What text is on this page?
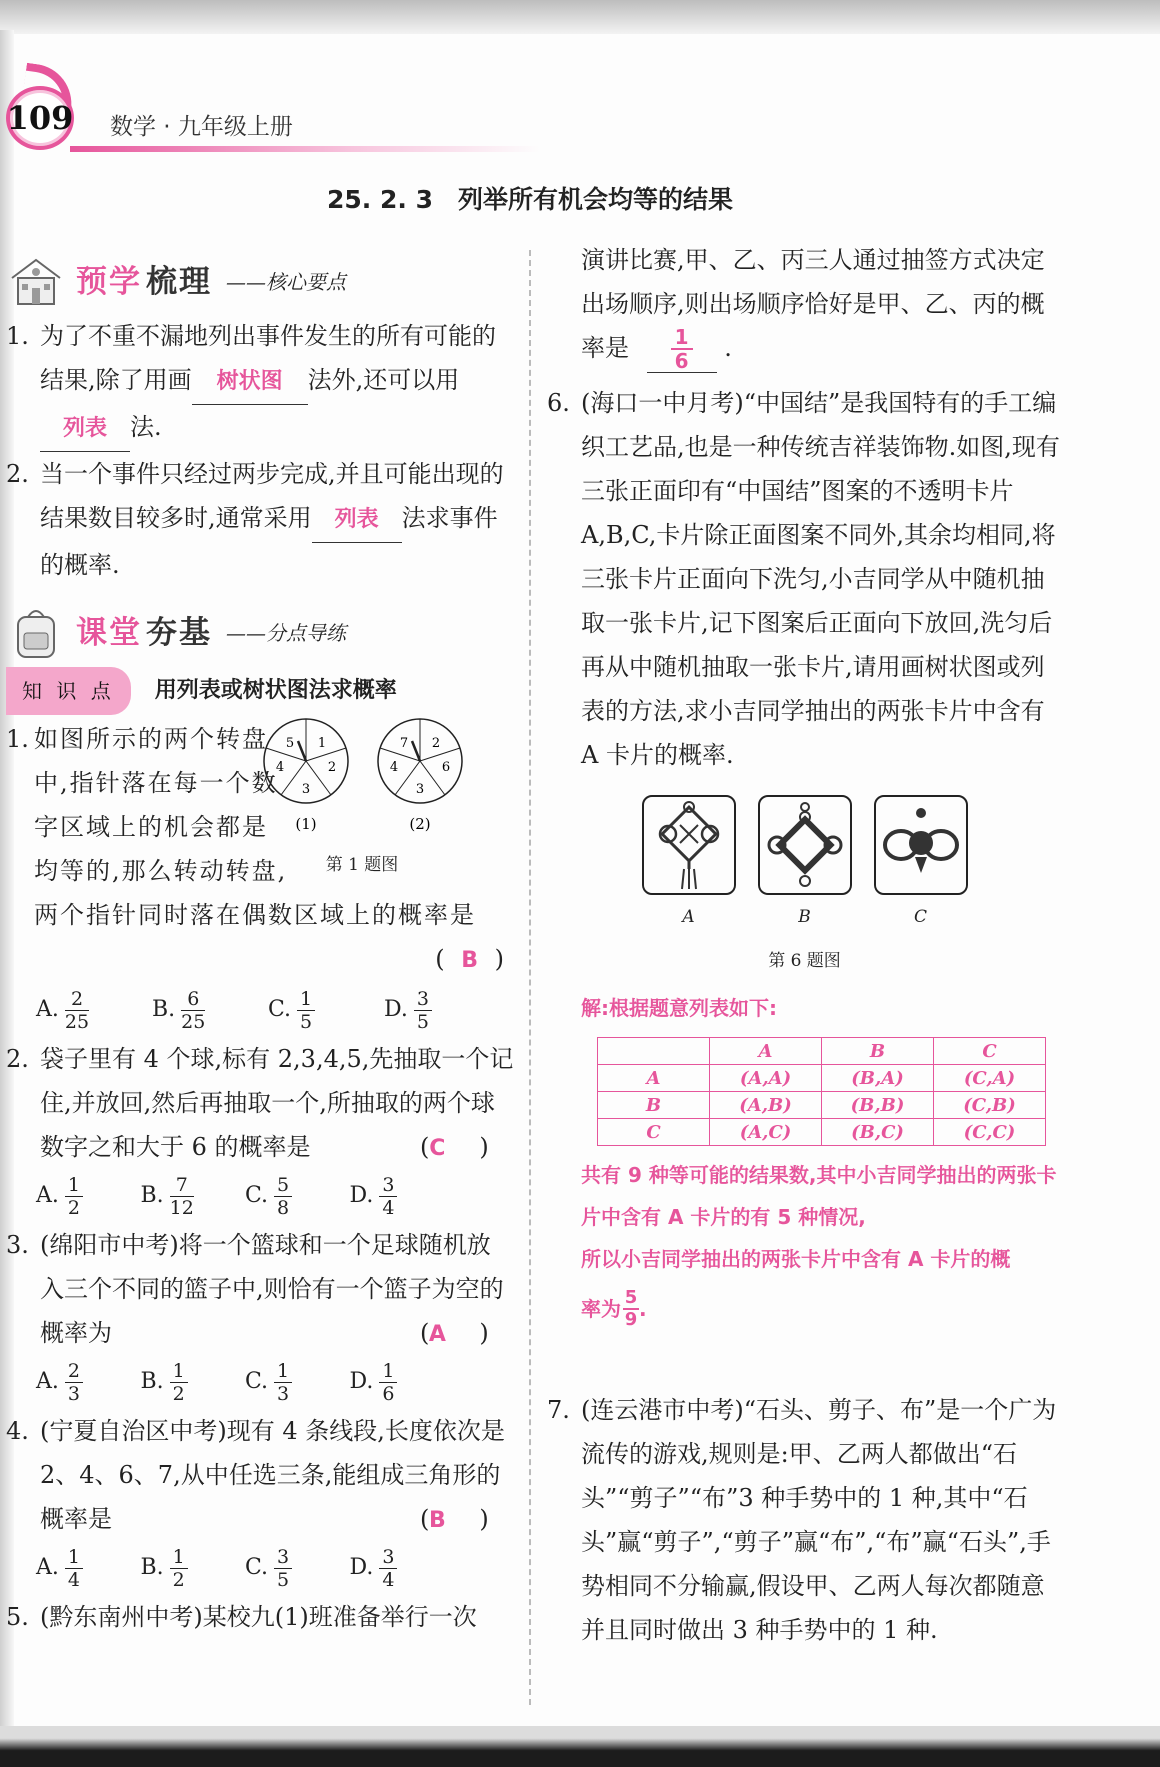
109 数学 · 九年级上册
25. 2. 3　列举所有机会均等的结果
预学 梳理 ——核心要点
1. 为了不重不漏地列出事件发生的所有可能的结果,除了用画 树状图 法外,还可以用列表 法.
2. 当一个事件只经过两步完成,并且可能出现的结果数目较多时,通常采用 列表 法求事件的概率.
课堂 夯基 ——分点导练
知 识 点	用列表或树状图法求概率
1
2
3
4
5	2
6
3
4
7
(1)	(2)
第 1 题图
1. 如图所示的两个转盘中,指针落在每一个数字区域上的机会都是均等的,那么转动转盘,两个指针同时落在偶数区域上的概率是
( B )
A. $\frac{2}{25}$	B. $\frac{6}{25}$	C. $\frac{1}{5}$	D. $\frac{3}{5}$
2. 袋子里有 4 个球,标有 2,3,4,5,先抽取一个记住,并放回,然后再抽取一个,所抽取的两个球数字之和大于 6 的概率是	(C )
A. $\frac{1}{2}$	B. $\frac{7}{12} C$. $\frac{5}{8}$	D. $\frac{3}{4}$
3. (绵阳市中考)将一个篮球和一个足球随机放入三个不同的篮子中,则恰有一个篮子为空的概率为	(A )
A. $\frac{2}{3}$	B. $\frac{1}{2}$	C. $\frac{1}{3}$	D. $\frac{1}{6}$
4. (宁夏自治区中考)现有 4 条线段,长度依次是 2、4、6、7,从中任选三条,能组成三角形的概率是	(B )
A. $\frac{1}{4}$	B. $\frac{1}{2}$	C. $\frac{3}{5}$	D. $\frac{3}{4}$
5. (黔东南州中考)某校九(1)班准备举行一次
演讲比赛,甲、乙、丙三人通过抽签方式决定出场顺序,则出场顺序恰好是甲、乙、丙的概率是 $\frac{1}{6}$ .
6. (海口一中月考)“中国结”是我国特有的手工编织工艺品,也是一种传统吉祥装饰物.如图,现有三张正面印有“中国结”图案的不透明卡片 A,B,C,卡片除正面图案不同外,其余均相同,将三张卡片正面向下洗匀,小吉同学从中随机抽取一张卡片,记下图案后正面向下放回,洗匀后再从中随机抽取一张卡片,请用画树状图或列表的方法,求小吉同学抽出的两张卡片中含有 A 卡片的概率.
A	B	C
第 6 题图
解:根据题意列表如下:
	A	B	C
A	(A,A)	(B,A)	(C,A)
B	(A,B)	(B,B)	(C,B)
C	(A,C)	(B,C)	(C,C)
共有 9 种等可能的结果数,其中小吉同学抽出的两张卡片中含有 A 卡片的有 5 种情况,
所以小吉同学抽出的两张卡片中含有 A 卡片的概
率为 5
9 .
7. (连云港市中考)“石头、剪子、布”是一个广为流传的游戏,规则是:甲、乙两人都做出“石头”“剪子”“布”3 种手势中的 1 种,其中“石头”赢“剪子”,“剪子”赢“布”,“布”赢“石头”,手势相同不分输赢,假设甲、乙两人每次都随意并且同时做出 3 种手势中的 1 种.
